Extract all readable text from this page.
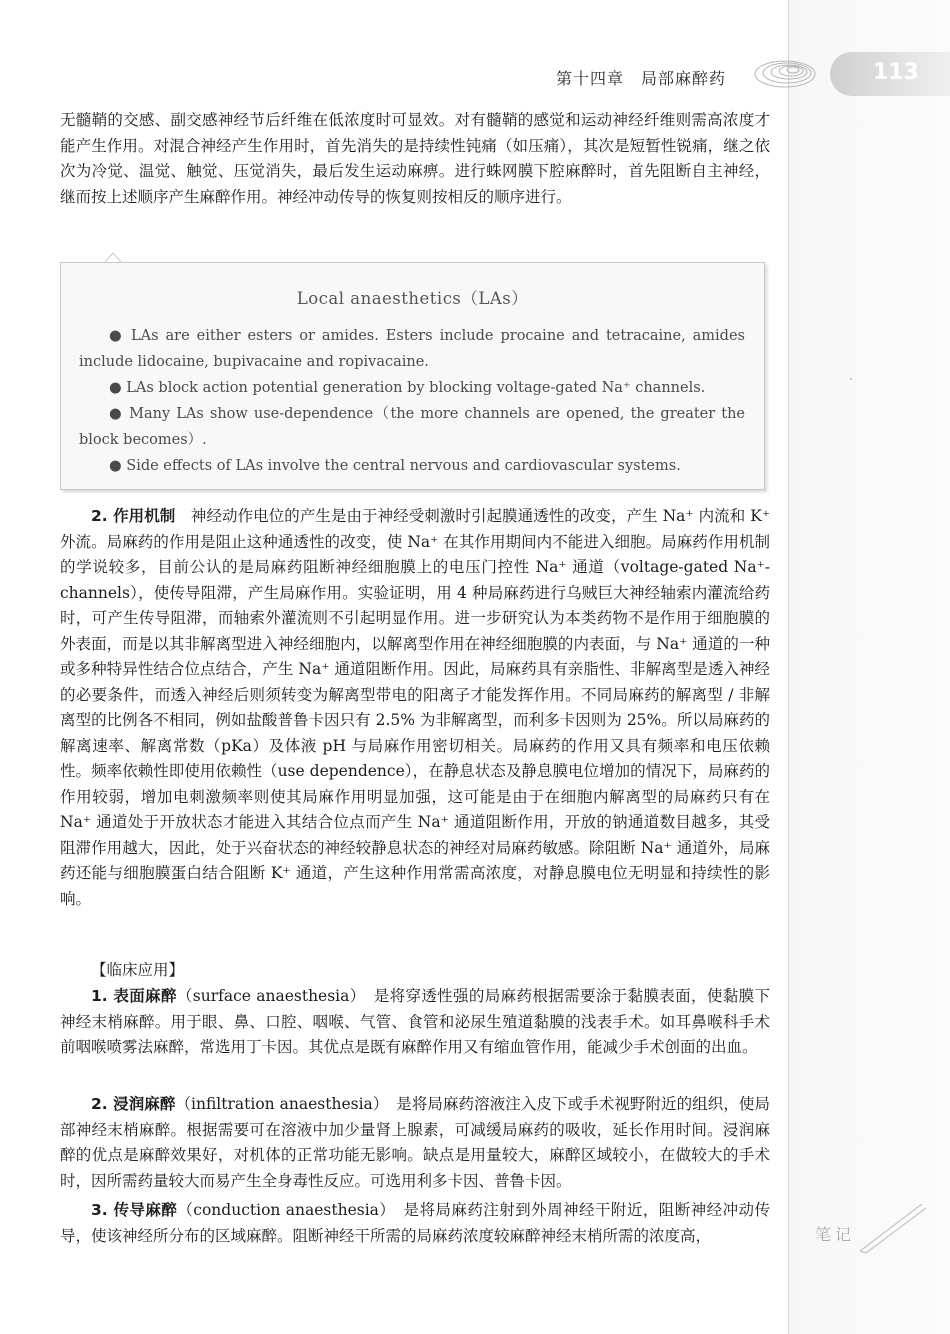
第十四章　局部麻醉药	113

无髓鞘的交感、副交感神经节后纤维在低浓度时可显效。对有髓鞘的感觉和运动神经纤维则需高浓度才能产生作用。对混合神经产生作用时，首先消失的是持续性钝痛（如压痛），其次是短暂性锐痛，继之依次为冷觉、温觉、触觉、压觉消失，最后发生运动麻痹。进行蛛网膜下腔麻醉时，首先阻断自主神经，继而按上述顺序产生麻醉作用。神经冲动传导的恢复则按相反的顺序进行。

Local anaesthetics（LAs）

● LAs are either esters or amides. Esters include procaine and tetracaine, amides include lidocaine, bupivacaine and ropivacaine.

● LAs block action potential generation by blocking voltage-gated Na⁺ channels.

● Many LAs show use-dependence（the more channels are opened, the greater the block becomes）.

● Side effects of LAs involve the central nervous and cardiovascular systems.

2. 作用机制　神经动作电位的产生是由于神经受刺激时引起膜通透性的改变，产生 Na⁺ 内流和 K⁺ 外流。局麻药的作用是阻止这种通透性的改变，使 Na⁺ 在其作用期间内不能进入细胞。局麻药作用机制的学说较多，目前公认的是局麻药阻断神经细胞膜上的电压门控性 Na⁺ 通道（voltage-gated Na⁺-channels），使传导阻滞，产生局麻作用。实验证明，用 4 种局麻药进行乌贼巨大神经轴索内灌流给药时，可产生传导阻滞，而轴索外灌流则不引起明显作用。进一步研究认为本类药物不是作用于细胞膜的外表面，而是以其非解离型进入神经细胞内，以解离型作用在神经细胞膜的内表面，与 Na⁺ 通道的一种或多种特异性结合位点结合，产生 Na⁺ 通道阻断作用。因此，局麻药具有亲脂性、非解离型是透入神经的必要条件，而透入神经后则须转变为解离型带电的阳离子才能发挥作用。不同局麻药的解离型 / 非解离型的比例各不相同，例如盐酸普鲁卡因只有 2.5% 为非解离型，而利多卡因则为 25%。所以局麻药的解离速率、解离常数（pKa）及体液 pH 与局麻作用密切相关。局麻药的作用又具有频率和电压依赖性。频率依赖性即使用依赖性（use dependence），在静息状态及静息膜电位增加的情况下，局麻药的作用较弱，增加电刺激频率则使其局麻作用明显加强，这可能是由于在细胞内解离型的局麻药只有在 Na⁺ 通道处于开放状态才能进入其结合位点而产生 Na⁺ 通道阻断作用，开放的钠通道数目越多，其受阻滞作用越大，因此，处于兴奋状态的神经较静息状态的神经对局麻药敏感。除阻断 Na⁺ 通道外，局麻药还能与细胞膜蛋白结合阻断 K⁺ 通道，产生这种作用常需高浓度，对静息膜电位无明显和持续性的影响。

【临床应用】

1. 表面麻醉（surface anaesthesia）　是将穿透性强的局麻药根据需要涂于黏膜表面，使黏膜下神经末梢麻醉。用于眼、鼻、口腔、咽喉、气管、食管和泌尿生殖道黏膜的浅表手术。如耳鼻喉科手术前咽喉喷雾法麻醉，常选用丁卡因。其优点是既有麻醉作用又有缩血管作用，能减少手术创面的出血。

2. 浸润麻醉（infiltration anaesthesia）　是将局麻药溶液注入皮下或手术视野附近的组织，使局部神经末梢麻醉。根据需要可在溶液中加少量肾上腺素，可减缓局麻药的吸收，延长作用时间。浸润麻醉的优点是麻醉效果好，对机体的正常功能无影响。缺点是用量较大，麻醉区域较小，在做较大的手术时，因所需药量较大而易产生全身毒性反应。可选用利多卡因、普鲁卡因。

3. 传导麻醉（conduction anaesthesia）　是将局麻药注射到外周神经干附近，阻断神经冲动传导，使该神经所分布的区域麻醉。阻断神经干所需的局麻药浓度较麻醉神经末梢所需的浓度高，	笔记
